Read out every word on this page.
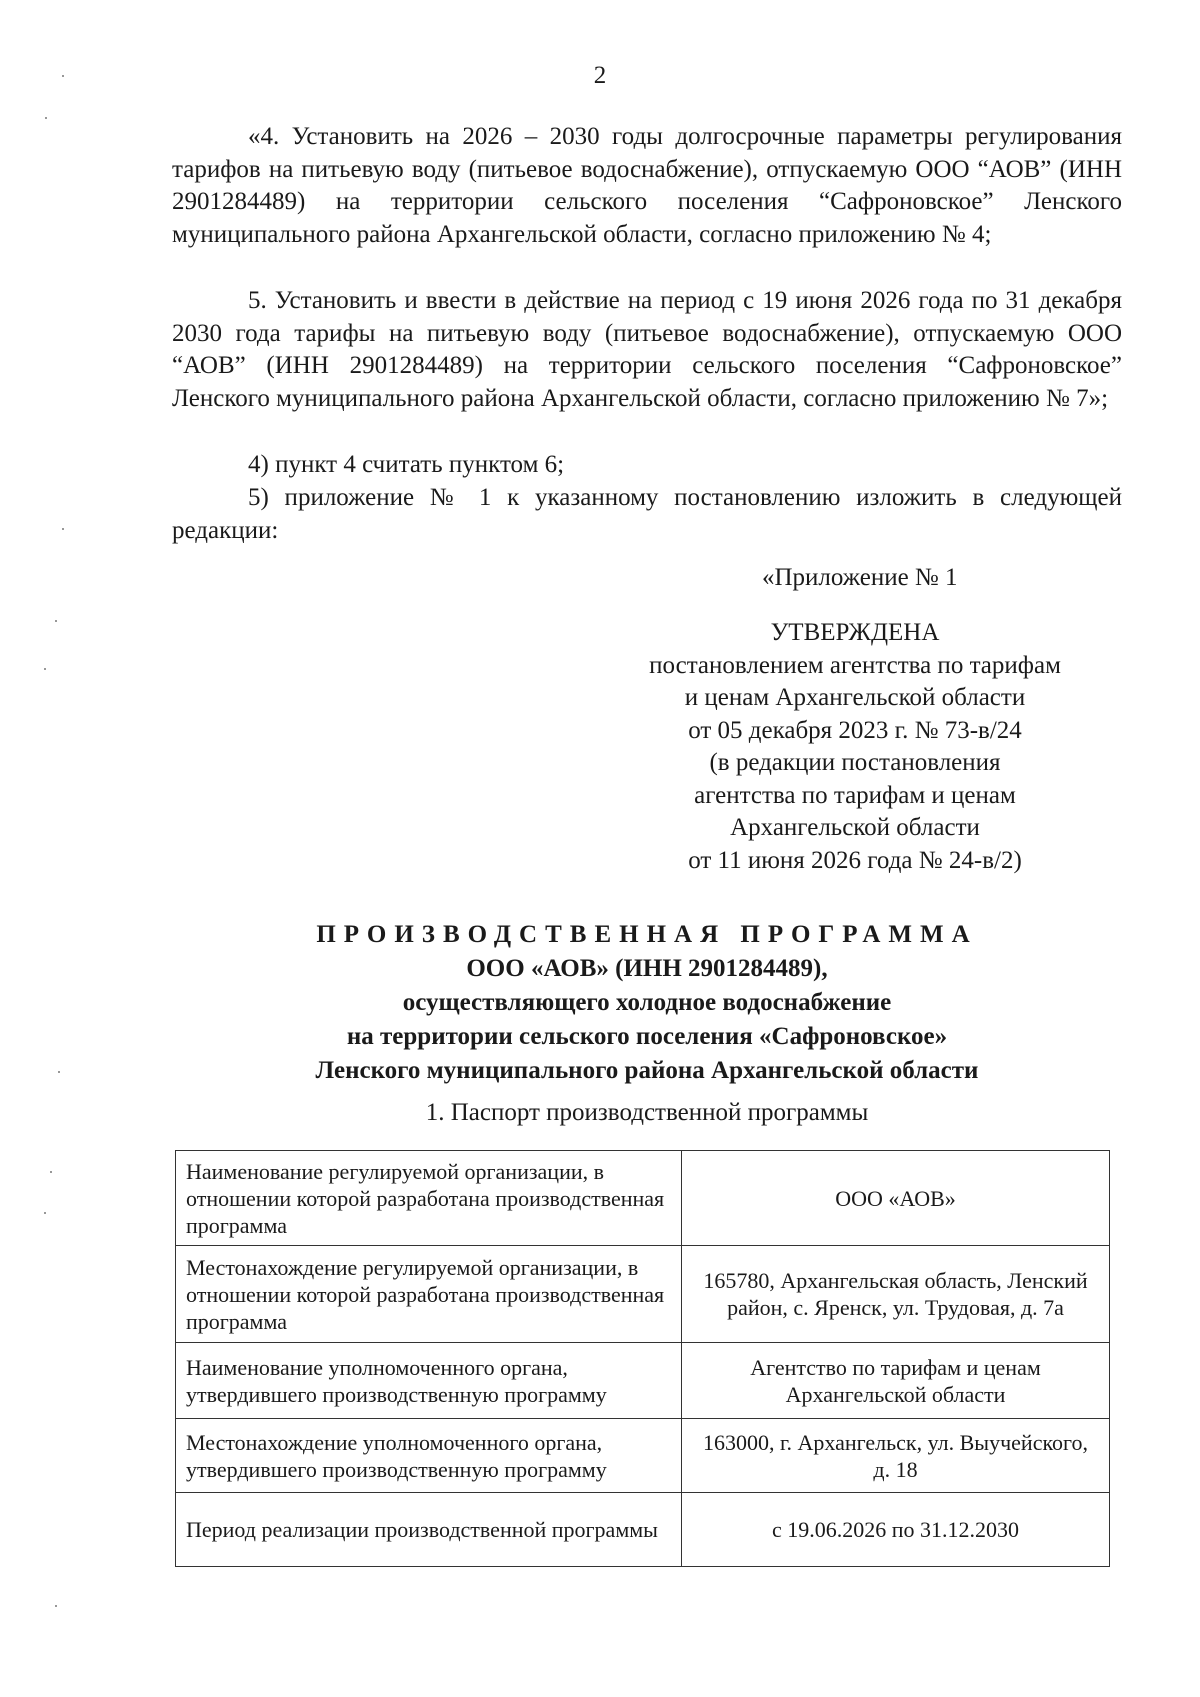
2

«4. Установить на 2026 – 2030 годы долгосрочные параметры регулирования тарифов на питьевую воду (питьевое водоснабжение), отпускаемую ООО “АОВ” (ИНН 2901284489) на территории сельского поселения “Сафроновское” Ленского муниципального района Архангельской области, согласно приложению № 4;

5. Установить и ввести в действие на период с 19 июня 2026 года по 31 декабря 2030 года тарифы на питьевую воду (питьевое водоснабжение), отпускаемую ООО “АОВ” (ИНН 2901284489) на территории сельского поселения “Сафроновское” Ленского муниципального района Архангельской области, согласно приложению № 7»;

4) пункт 4 считать пунктом 6;

5) приложение № 1 к указанному постановлению изложить в следующей редакции:

«Приложение № 1
УТВЕРЖДЕНА
постановлением агентства по тарифам
и ценам Архангельской области
от 05 декабря 2023 г. № 73-в/24
(в редакции постановления
агентства по тарифам и ценам
Архангельской области
от 11 июня 2026 года № 24-в/2)
ПРОИЗВОДСТВЕННАЯ ПРОГРАММА
ООО «АОВ» (ИНН 2901284489),
осуществляющего холодное водоснабжение
на территории сельского поселения «Сафроновское»
Ленского муниципального района Архангельской области
1. Паспорт производственной программы
Наименование регулируемой организации, в отношении которой разработана производственная программа	ООО «АОВ»
Местонахождение регулируемой организации, в отношении которой разработана производственная программа	165780, Архангельская область, Ленский район, с. Яренск, ул. Трудовая, д. 7а
Наименование уполномоченного органа, утвердившего производственную программу	Агентство по тарифам и ценам Архангельской области
Местонахождение уполномоченного органа, утвердившего производственную программу	163000, г. Архангельск, ул. Выучейского, д. 18
Период реализации производственной программы	с 19.06.2026 по 31.12.2030
